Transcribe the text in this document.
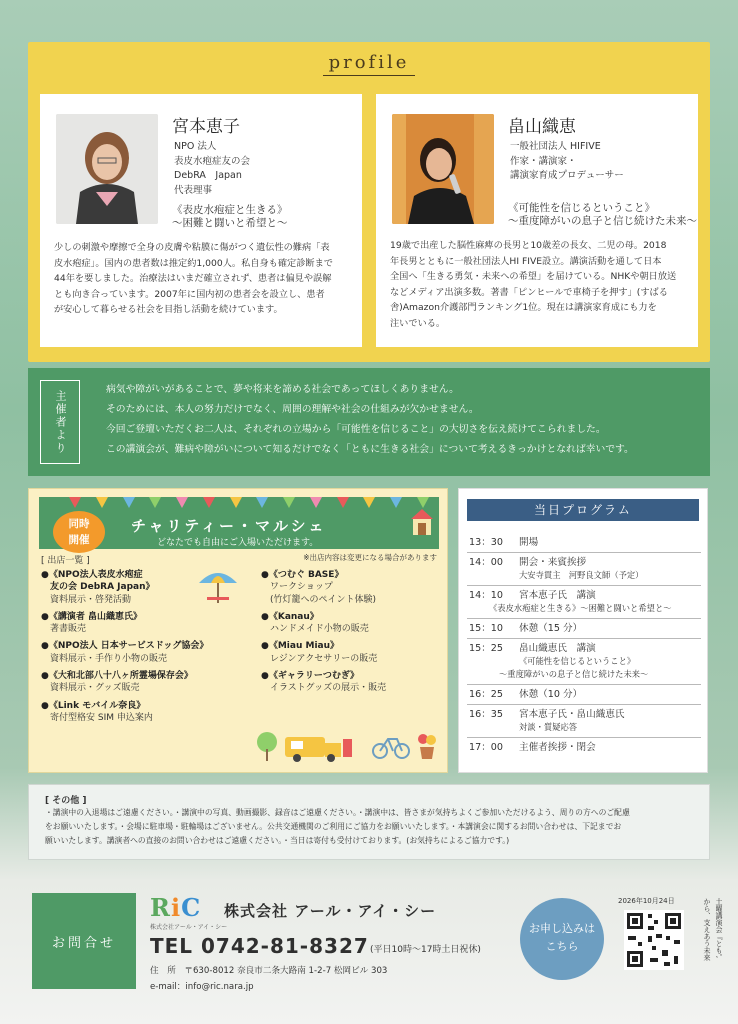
profile
宮本恵子
NPO 法人
表皮水疱症友の会
DebRA　Japan
代表理事
《表皮水疱症と生きる》
～困難と闘いと希望と～
少しの刺激や摩擦で全身の皮膚や粘膜に傷がつく遺伝性の難病「表
皮水疱症」。国内の患者数は推定約1,000人。私自身も確定診断まで
44年を要しました。治療法はいまだ確立されず、患者は偏見や誤解
とも向き合っています。2007年に国内初の患者会を設立し、患者
が安心して暮らせる社会を目指し活動を続けています。
畠山織恵
一般社団法人 HIFIVE
作家・講演家・
講演家育成プロデューサー
《可能性を信じるということ》
～重度障がいの息子と信じ続けた未来～
19歳で出産した脳性麻痺の長男と10歳差の長女、二児の母。2018
年長男とともに一般社団法人HI FIVE設立。講演活動を通して日本
全国へ「生きる勇気・未来への希望」を届けている。NHKや朝日放送
などメディア出演多数。著書「ピンヒールで車椅子を押す」(すばる
舎)Amazon介護部門ランキング1位。現在は講演家育成にも力を
注いでいる。
主催者より	病気や障がいがあることで、夢や将来を諦める社会であってほしくありません。
そのためには、本人の努力だけでなく、周囲の理解や社会の仕組みが欠かせません。
今回ご登壇いただくお二人は、それぞれの立場から「可能性を信じること」の大切さを伝え続けてこられました。
この講演会が、難病や障がいについて知るだけでなく「ともに生きる社会」について考えるきっかけとなれば幸いです。
同時
開催
チャリティー・マルシェ
どなたでも自由にご入場いただけます。
※出店内容は変更になる場合があります
[ 出店一覧 ]
●《NPO法人表皮水疱症
　友の会 DebRA Japan》
　資料展示・啓発活動
●《講演者 畠山織恵氏》
　著書販売
●《NPO法人 日本サービスドッグ協会》
　資料展示・手作り小物の販売
●《大和北部八十八ヶ所霊場保存会》
　資料展示・グッズ販売
●《Link モバイル奈良》
　寄付型格安 SIM 申込案内
●《つむぐ BASE》
　ワークショップ
　(竹灯籠へのペイント体験)
●《Kanau》
　ハンドメイド小物の販売
●《Miau Miau》
　レジンアクセサリーの販売
●《ギャラリーつむぎ》
　イラストグッズの展示・販売
当日プログラム
13：30 開場
14：00 開会・来賓挨拶
大安寺貫主　河野良文師（予定）
14：10 宮本恵子氏　講演
《表皮水疱症と生きる》～困難と闘いと希望と～
15：10 休憩（15 分）
15：25 畠山織恵氏　講演
《可能性を信じるということ》
～重度障がいの息子と信じ続けた未来～
16：25 休憩（10 分）
16：35 宮本恵子氏・畠山織恵氏
対談・質疑応答
17：00 主催者挨拶・閉会
[ その他 ]
・講演中の入退場はご遠慮ください。・講演中の写真、動画撮影、録音はご遠慮ください。・講演中は、皆さまが気持ちよくご参加いただけるよう、周りの方へのご配慮
をお願いいたします。・会場に駐車場・駐輪場はございません。公共交通機関のご利用にご協力をお願いいたします。・本講演会に関するお問い合わせは、下記までお
願いいたします。講演者への直接のお問い合わせはご遠慮ください。・当日は寄付も受付けております。(お気持ちによるご協力です。)
お問合せ
RiC
株式会社アール・アイ・シー
株式会社 アール・アイ・シー
TEL 0742-81-8327 (平日10時～17時土日祝休)
住　所　〒630-8012 奈良市二条大路南 1-2-7 松岡ビル 303
e-mail：info@ric.nara.jp
お申し込みは
こちら
2026年10月24日	土曜講演会『とも',
から、支えあう未来
